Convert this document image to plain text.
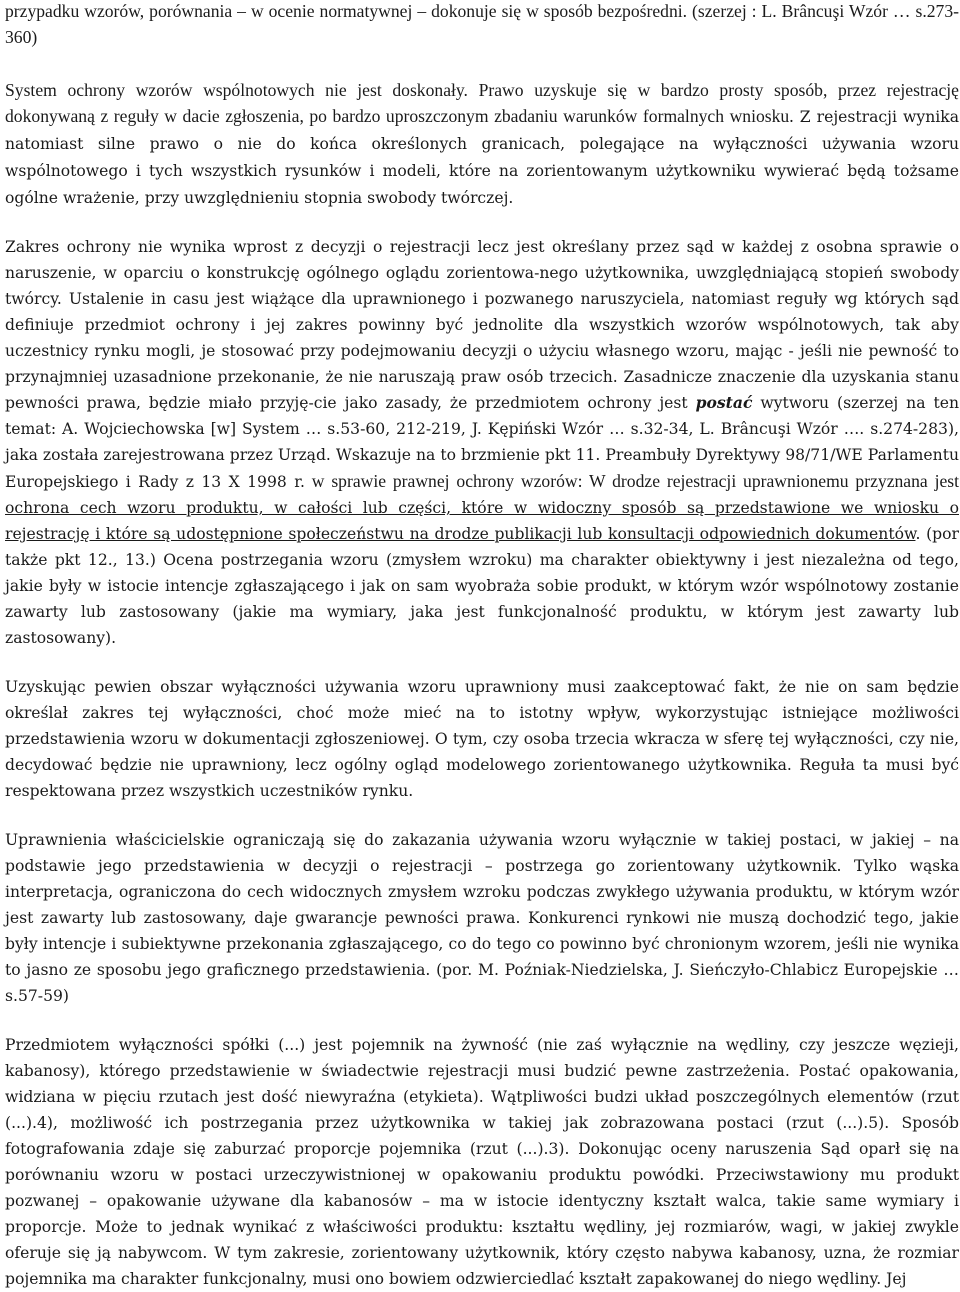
przypadku wzorów, porównania – w ocenie normatywnej – dokonuje się w sposób bezpośredni. (szerzej : L. Brâncuşi Wzór … s.273-360)

System ochrony wzorów wspólnotowych nie jest doskonały. Prawo uzyskuje się w bardzo prosty sposób, przez rejestrację dokonywaną z reguły w dacie zgłoszenia, po bardzo uproszczonym zbadaniu warunków formalnych wniosku. Z rejestracji wynika natomiast silne prawo o nie do końca określonych granicach, polegające na wyłączności używania wzoru wspólnotowego i tych wszystkich rysunków i modeli, które na zorientowanym użytkowniku wywierać będą tożsame ogólne wrażenie, przy uwzględnieniu stopnia swobody twórczej.

Zakres ochrony nie wynika wprost z decyzji o rejestracji lecz jest określany przez sąd w każdej z osobna sprawie o naruszenie, w oparciu o konstrukcję ogólnego oglądu zorientowa-nego użytkownika, uwzględniającą stopień swobody twórcy. Ustalenie in casu jest wiążące dla uprawnionego i pozwanego naruszyciela, natomiast reguły wg których sąd definiuje przedmiot ochrony i jej zakres powinny być jednolite dla wszystkich wzorów wspólnotowych, tak aby uczestnicy rynku mogli, je stosować przy podejmowaniu decyzji o użyciu własnego wzoru, mając - jeśli nie pewność to przynajmniej uzasadnione przekonanie, że nie naruszają praw osób trzecich. Zasadnicze znaczenie dla uzyskania stanu pewności prawa, będzie miało przyję-cie jako zasady, że przedmiotem ochrony jest postać wytworu (szerzej na ten temat: A. Wojciechowska [w] System … s.53-60, 212-219, J. Kępiński Wzór … s.32-34, L. Brâncuşi Wzór …. s.274-283), jaka została zarejestrowana przez Urząd. Wskazuje na to brzmienie pkt 11. Preambuły Dyrektywy 98/71/WE Parlamentu Europejskiego i Rady z 13 X 1998 r. w sprawie prawnej ochrony wzorów: W drodze rejestracji uprawnionemu przyznana jest ochrona cech wzoru produktu, w całości lub części, które w widoczny sposób są przedstawione we wniosku o rejestrację i które są udostępnione społeczeństwu na drodze publikacji lub konsultacji odpowiednich dokumentów. (por także pkt 12., 13.) Ocena postrzegania wzoru (zmysłem wzroku) ma charakter obiektywny i jest niezależna od tego, jakie były w istocie intencje zgłaszającego i jak on sam wyobraża sobie produkt, w którym wzór wspólnotowy zostanie zawarty lub zastosowany (jakie ma wymiary, jaka jest funkcjonalność produktu, w którym jest zawarty lub zastosowany).

Uzyskując pewien obszar wyłączności używania wzoru uprawniony musi zaakceptować fakt, że nie on sam będzie określał zakres tej wyłączności, choć może mieć na to istotny wpływ, wykorzystując istniejące możliwości przedstawienia wzoru w dokumentacji zgłoszeniowej. O tym, czy osoba trzecia wkracza w sferę tej wyłączności, czy nie, decydować będzie nie uprawniony, lecz ogólny ogląd modelowego zorientowanego użytkownika. Reguła ta musi być respektowana przez wszystkich uczestników rynku.

Uprawnienia właścicielskie ograniczają się do zakazania używania wzoru wyłącznie w takiej postaci, w jakiej – na podstawie jego przedstawienia w decyzji o rejestracji – postrzega go zorientowany użytkownik. Tylko wąska interpretacja, ograniczona do cech widocznych zmysłem wzroku podczas zwykłego używania produktu, w którym wzór jest zawarty lub zastosowany, daje gwarancje pewności prawa. Konkurenci rynkowi nie muszą dochodzić tego, jakie były intencje i subiektywne przekonania zgłaszającego, co do tego co powinno być chronionym wzorem, jeśli nie wynika to jasno ze sposobu jego graficznego przedstawienia. (por. M. Poźniak-Niedzielska, J. Sieńczyło-Chlabicz Europejskie … s.57-59)

Przedmiotem wyłączności spółki (...) jest pojemnik na żywność (nie zaś wyłącznie na wędliny, czy jeszcze węzieji, kabanosy), którego przedstawienie w świadectwie rejestracji musi budzić pewne zastrzeżenia. Postać opakowania, widziana w pięciu rzutach jest dość niewyraźna (etykieta). Wątpliwości budzi układ poszczególnych elementów (rzut (...).4), możliwość ich postrzegania przez użytkownika w takiej jak zobrazowana postaci (rzut (...).5). Sposób fotografowania zdaje się zaburzać proporcje pojemnika (rzut (...).3). Dokonując oceny naruszenia Sąd oparł się na porównaniu wzoru w postaci urzeczywistnionej w opakowaniu produktu powódki. Przeciwstawiony mu produkt pozwanej – opakowanie używane dla kabanosów – ma w istocie identyczny kształt walca, takie same wymiary i proporcje. Może to jednak wynikać z właściwości produktu: kształtu wędliny, jej rozmiarów, wagi, w jakiej zwykle oferuje się ją nabywcom. W tym zakresie, zorientowany użytkownik, który często nabywa kabanosy, uzna, że rozmiar pojemnika ma charakter funkcjonalny, musi ono bowiem odzwierciedlać kształt zapakowanej do niego wędliny. Jej
